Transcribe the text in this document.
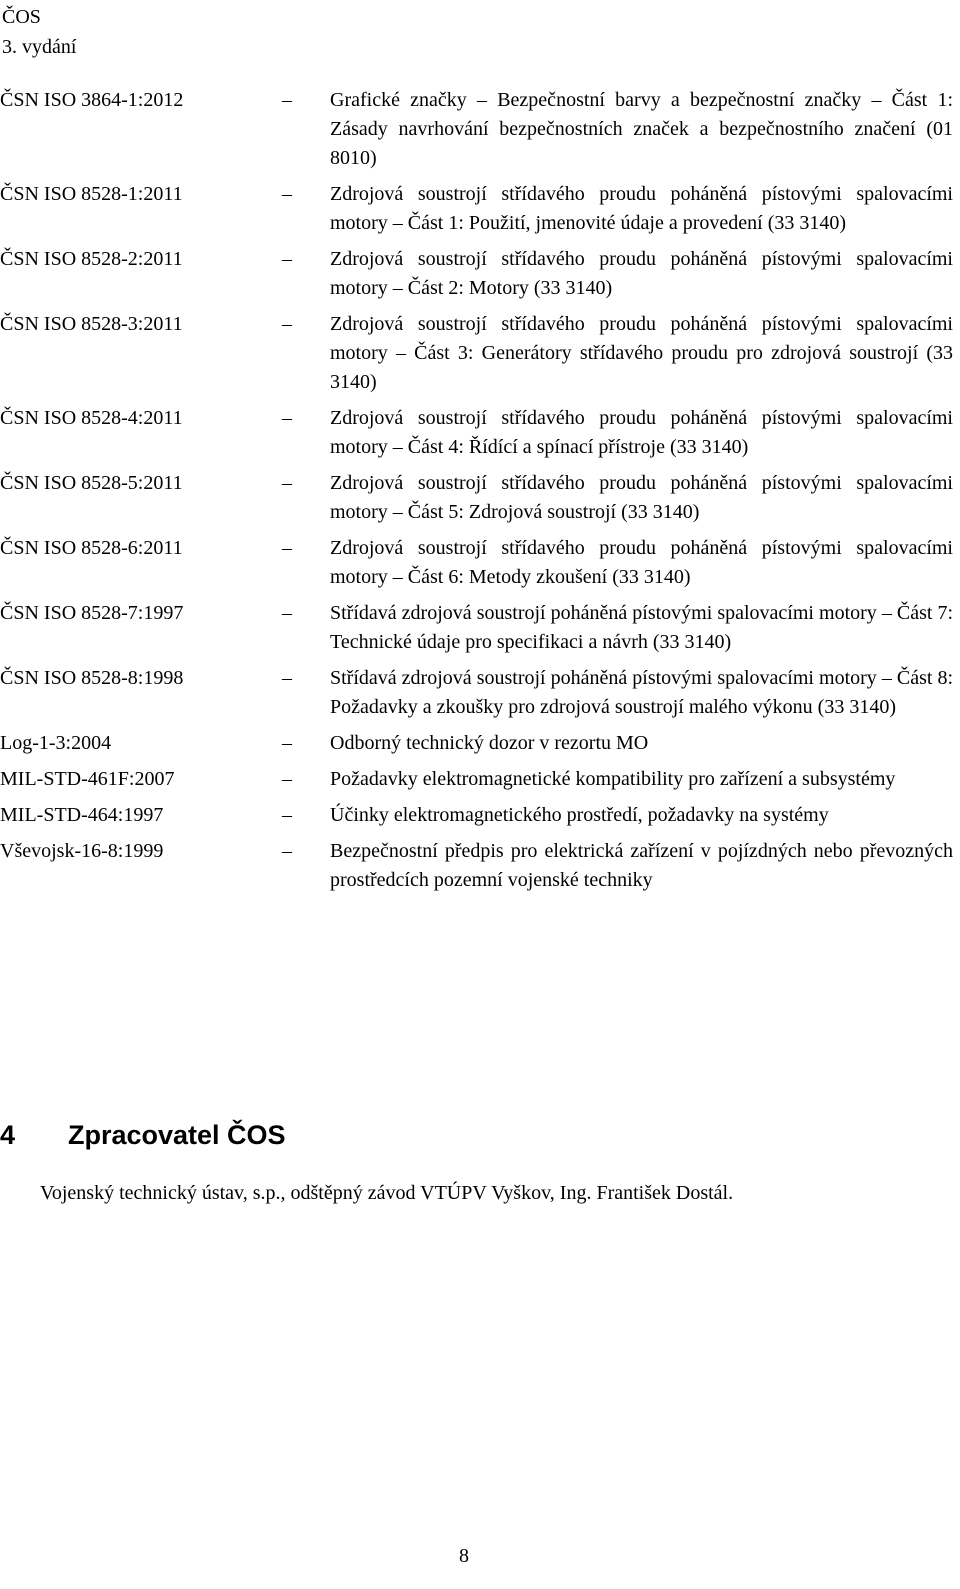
ČOS
3. vydání
ČSN ISO 3864-1:2012	–	Grafické značky – Bezpečnostní barvy a bezpečnostní značky – Část 1: Zásady navrhování bezpečnostních značek a bezpečnostního značení (01 8010)
ČSN ISO 8528-1:2011	–	Zdrojová soustrojí střídavého proudu poháněná pístovými spalovacími motory – Část 1: Použití, jmenovité údaje a provedení (33 3140)
ČSN ISO 8528-2:2011	–	Zdrojová soustrojí střídavého proudu poháněná pístovými spalovacími motory – Část 2: Motory (33 3140)
ČSN ISO 8528-3:2011	–	Zdrojová soustrojí střídavého proudu poháněná pístovými spalovacími motory – Část 3: Generátory střídavého proudu pro zdrojová soustrojí (33 3140)
ČSN ISO 8528-4:2011	–	Zdrojová soustrojí střídavého proudu poháněná pístovými spalovacími motory – Část 4: Řídící a spínací přístroje (33 3140)
ČSN ISO 8528-5:2011	–	Zdrojová soustrojí střídavého proudu poháněná pístovými spalovacími motory – Část 5: Zdrojová soustrojí (33 3140)
ČSN ISO 8528-6:2011	–	Zdrojová soustrojí střídavého proudu poháněná pístovými spalovacími motory – Část 6: Metody zkoušení (33 3140)
ČSN ISO 8528-7:1997	–	Střídavá zdrojová soustrojí poháněná pístovými spalovacími motory – Část 7: Technické údaje pro specifikaci a návrh (33 3140)
ČSN ISO 8528-8:1998	–	Střídavá zdrojová soustrojí poháněná pístovými spalovacími motory – Část 8: Požadavky a zkoušky pro zdrojová soustrojí malého výkonu (33 3140)
Log-1-3:2004	–	Odborný technický dozor v rezortu MO
MIL-STD-461F:2007	–	Požadavky elektromagnetické kompatibility pro zařízení a subsystémy
MIL-STD-464:1997	–	Účinky elektromagnetického prostředí, požadavky na systémy
Vševojsk-16-8:1999	–	Bezpečnostní předpis pro elektrická zařízení v pojízdných nebo převozných prostředcích pozemní vojenské techniky
4 Zpracovatel ČOS
Vojenský technický ústav, s.p., odštěpný závod VTÚPV Vyškov, Ing. František Dostál.
8
